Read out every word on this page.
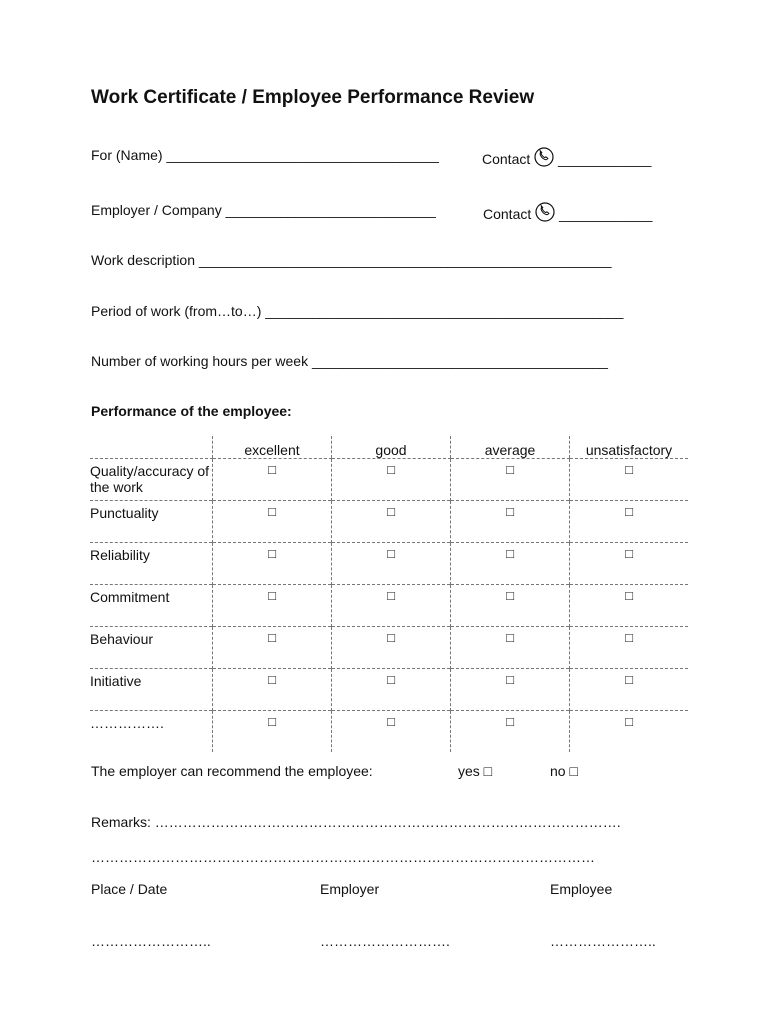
Work Certificate / Employee Performance Review
For (Name) ___________________________________	Contact  ____________
Employer / Company ___________________________	Contact  ____________
Work description _____________________________________________________
Period of work (from…to…) ______________________________________________
Number of working hours per week ______________________________________
Performance of the employee:
	excellent	good	average	unsatisfactory

Quality/accuracy of the work	□	□	□	□

Punctuality	□	□	□	□

Reliability	□	□	□	□

Commitment	□	□	□	□

Behaviour	□	□	□	□

Initiative	□	□	□	□

…………….	□	□	□	□
The employer can recommend the employee:	yes □	no □
Remarks: ……………………………………………………………………………………….
………………………………………………………………………………………………
Place / Date	Employer	Employee
……………………..	……………………….	…………………..
